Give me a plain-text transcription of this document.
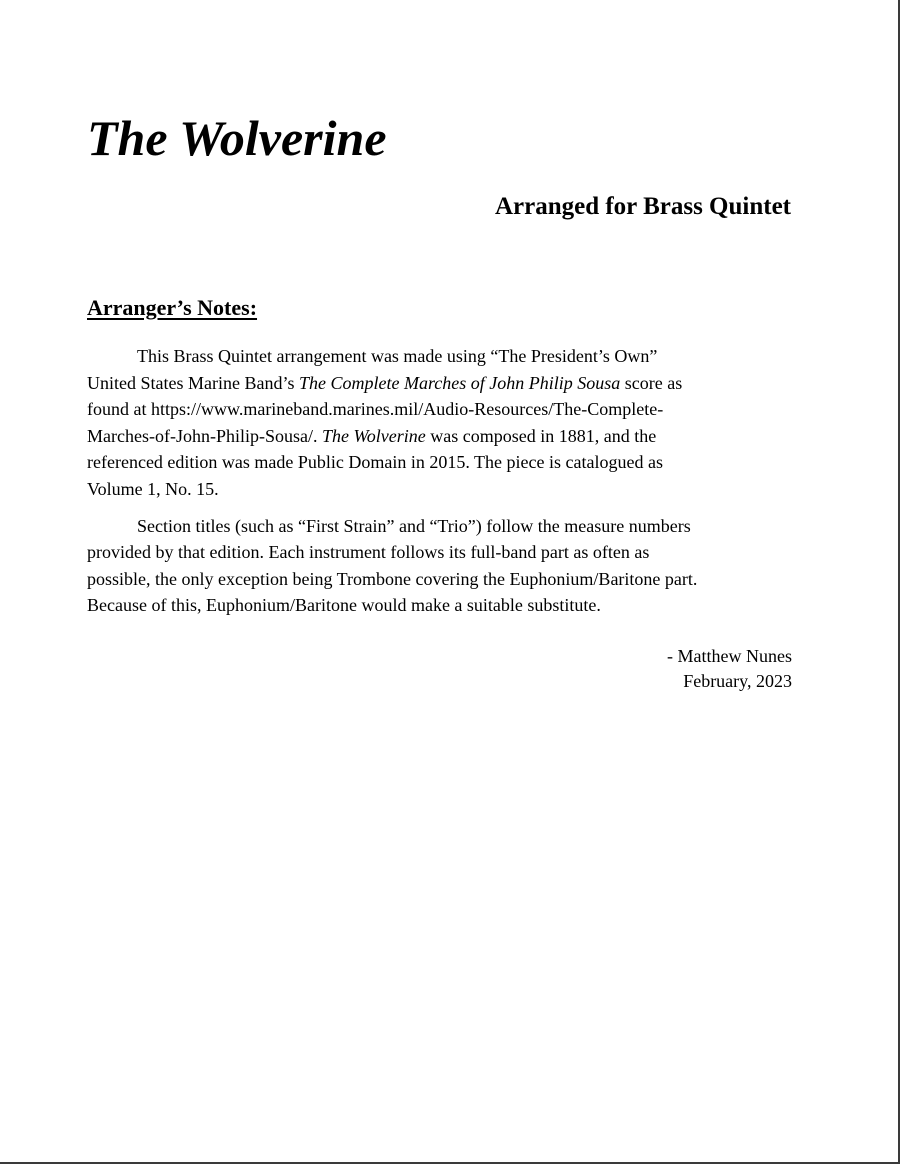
The Wolverine
Arranged for Brass Quintet
Arranger’s Notes:

This Brass Quintet arrangement was made using “The President’s Own”
United States Marine Band’s The Complete Marches of John Philip Sousa score as
found at https://www.marineband.marines.mil/Audio-Resources/The-Complete-
Marches-of-John-Philip-Sousa/. The Wolverine was composed in 1881, and the
referenced edition was made Public Domain in 2015. The piece is catalogued as
Volume 1, No. 15.

Section titles (such as “First Strain” and “Trio”) follow the measure numbers
provided by that edition. Each instrument follows its full-band part as often as
possible, the only exception being Trombone covering the Euphonium/Baritone part.
Because of this, Euphonium/Baritone would make a suitable substitute.

- Matthew Nunes
February, 2023
